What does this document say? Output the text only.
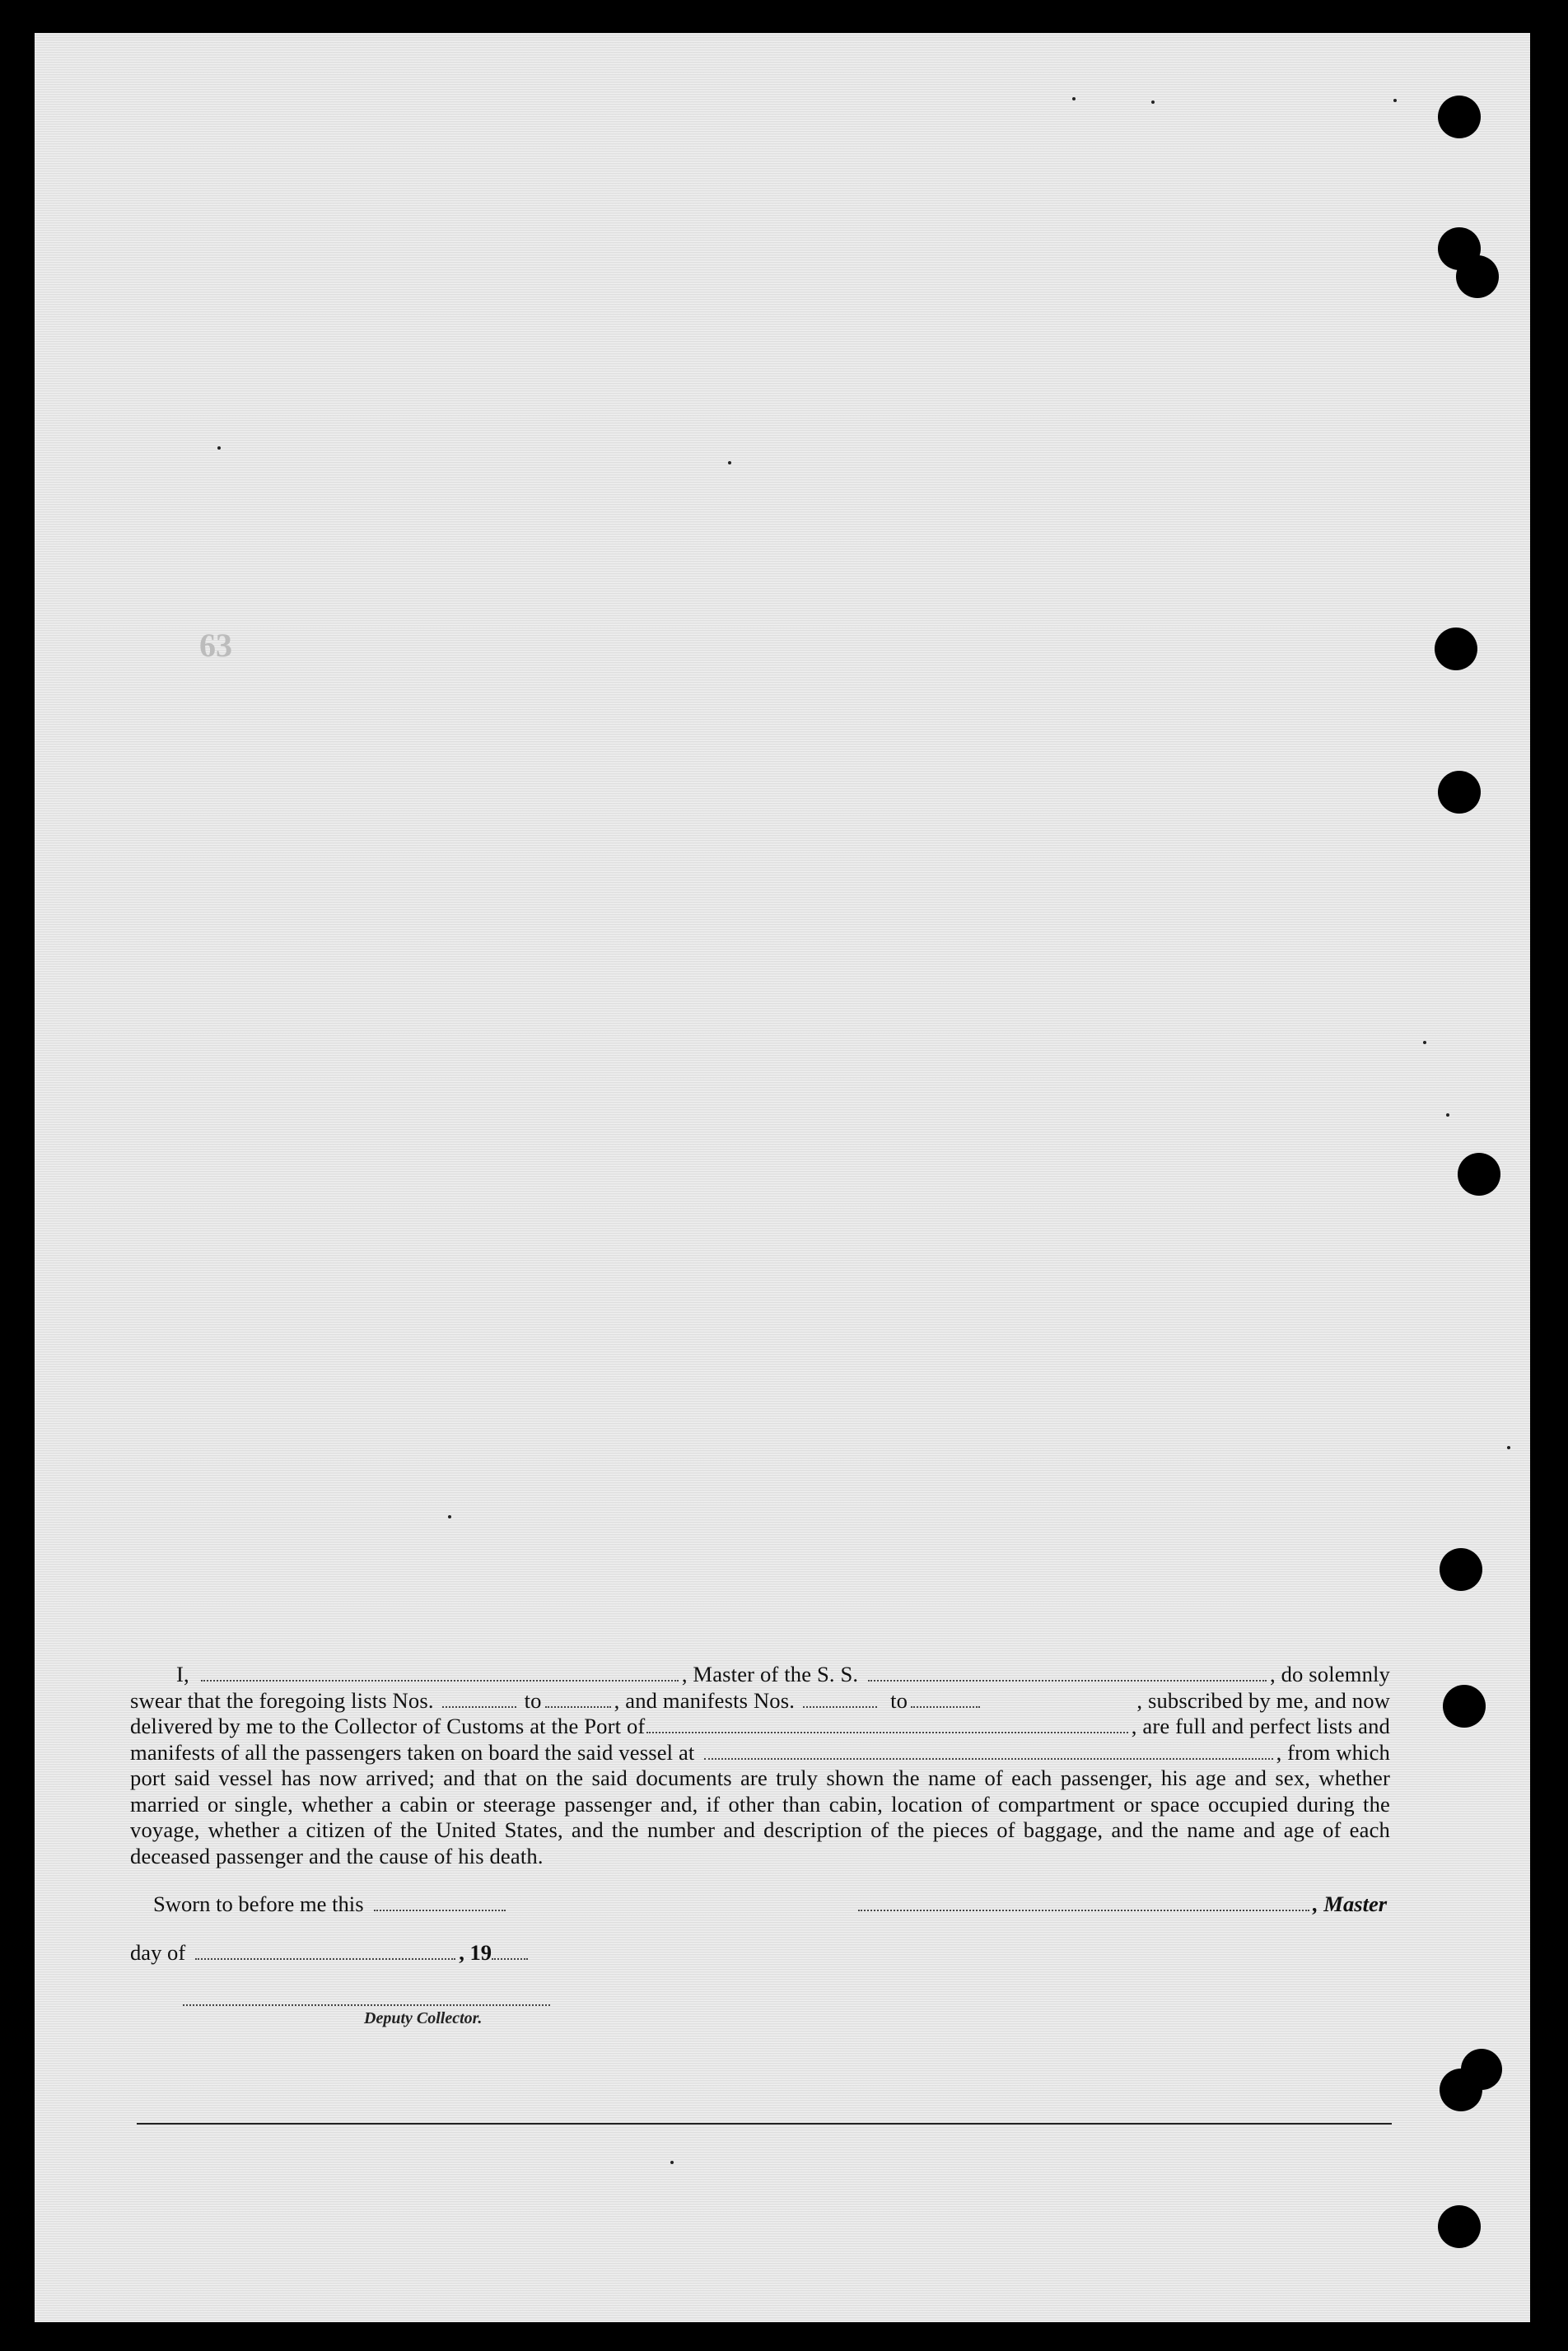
63
I,	, Master of the S. S.	, do solemnly
swear that the foregoing lists Nos.	to	, and manifests Nos.	to	, subscribed by me, and now
delivered by me to the Collector of Customs at the Port of	, are full and perfect lists and
manifests of all the passengers taken on board the said vessel at	, from which
port said vessel has now arrived; and that on the said documents are truly shown the name of each passenger, his age and sex, whether married or single, whether a cabin or steerage passenger and, if other than cabin, location of compartment or space occupied during the voyage, whether a citizen of the United States, and the number and description of the pieces of baggage, and the name and age of each deceased passenger and the cause of his death.
Sworn to before me this	, Master
day of	, 19
Deputy Collector.
